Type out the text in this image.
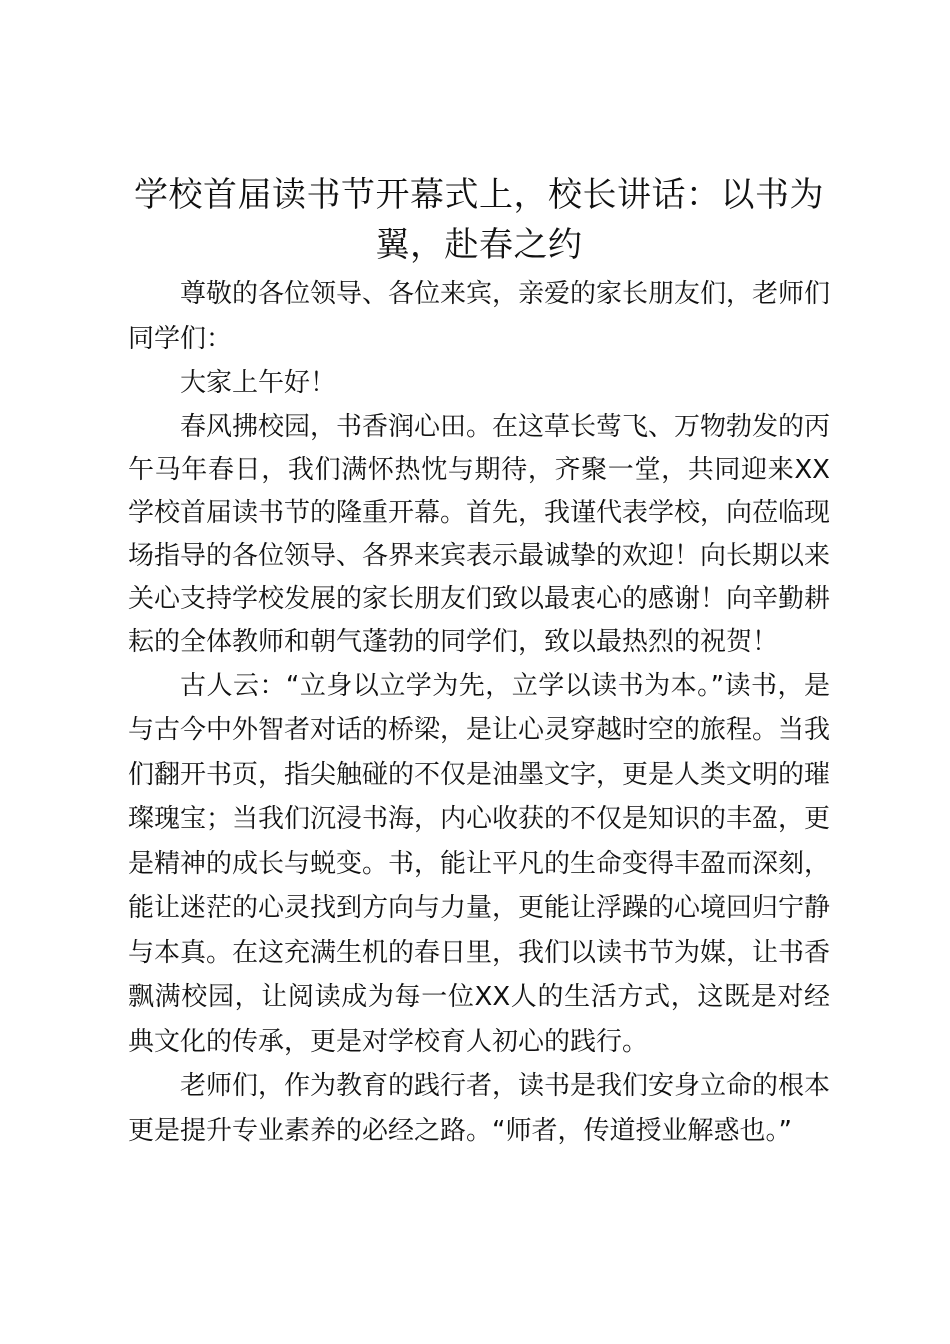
学校首届读书节开幕式上，校长讲话：以书为翼，赴春之约

尊敬的各位领导、各位来宾，亲爱的家长朋友们，老师们同学们：

大家上午好！

春风拂校园，书香润心田。在这草长莺飞、万物勃发的丙午马年春日，我们满怀热忱与期待，齐聚一堂，共同迎来XX学校首届读书节的隆重开幕。首先，我谨代表学校，向莅临现场指导的各位领导、各界来宾表示最诚挚的欢迎！向长期以来关心支持学校发展的家长朋友们致以最衷心的感谢！向辛勤耕耘的全体教师和朝气蓬勃的同学们，致以最热烈的祝贺！

古人云：“立身以立学为先，立学以读书为本。”读书，是与古今中外智者对话的桥梁，是让心灵穿越时空的旅程。当我们翻开书页，指尖触碰的不仅是油墨文字，更是人类文明的璀璨瑰宝；当我们沉浸书海，内心收获的不仅是知识的丰盈，更是精神的成长与蜕变。书，能让平凡的生命变得丰盈而深刻，能让迷茫的心灵找到方向与力量，更能让浮躁的心境回归宁静与本真。在这充满生机的春日里，我们以读书节为媒，让书香飘满校园，让阅读成为每一位XX人的生活方式，这既是对经典文化的传承，更是对学校育人初心的践行。

老师们，作为教育的践行者，读书是我们安身立命的根本更是提升专业素养的必经之路。“师者，传道授业解惑也。”
